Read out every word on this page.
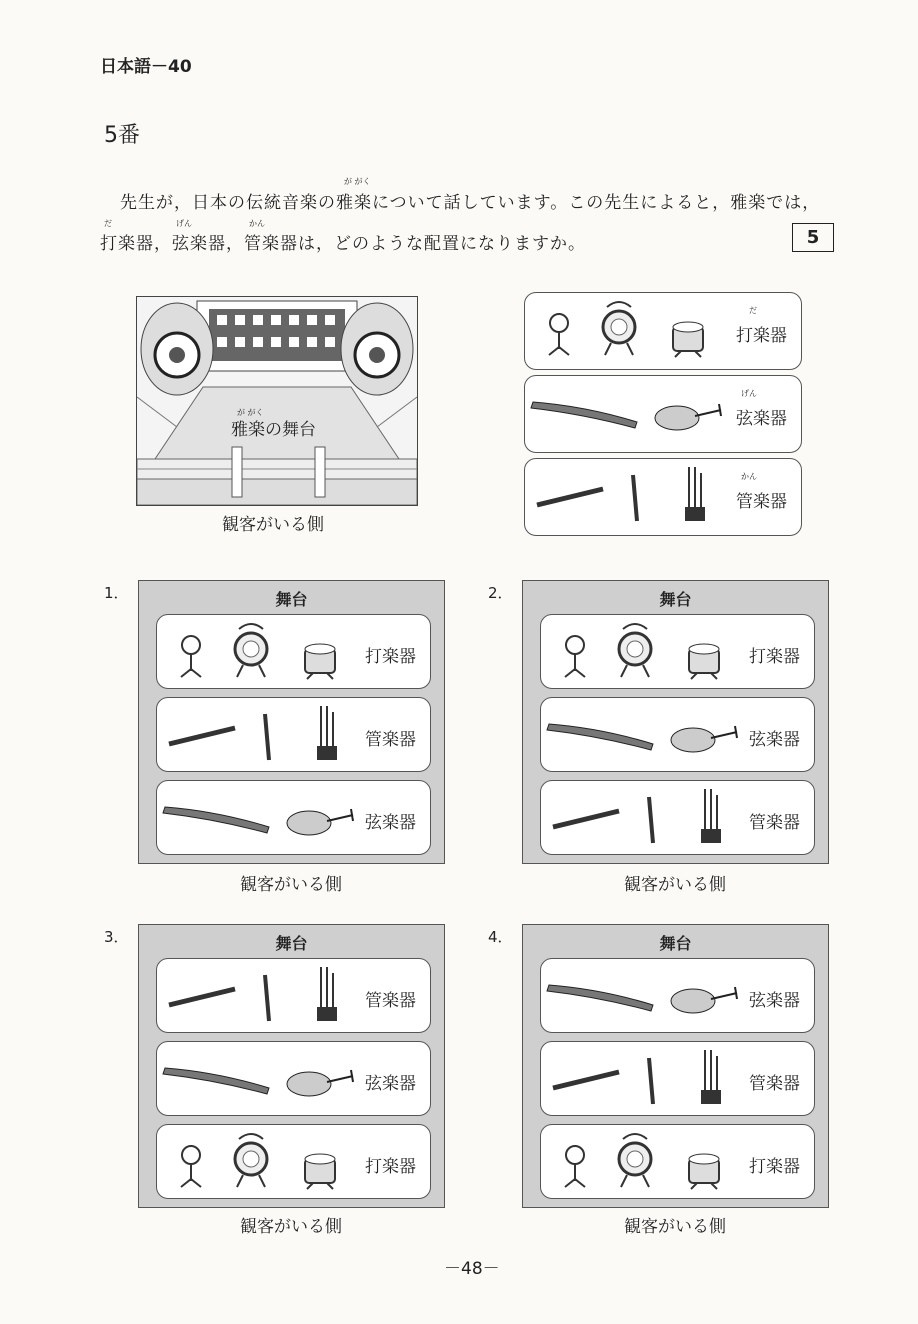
日本語－40
5番
が がく
先生が，日本の伝統音楽の雅楽について話しています。この先生によると，雅楽では，
だ	げん	かん
打楽器，弦楽器，管楽器は，どのような配置になりますか。	5
が がく
雅楽の舞台
観客がいる側
だ
打楽器
げん
弦楽器
かん
管楽器
1．	舞台
打楽器
管楽器
弦楽器
観客がいる側
2．	舞台
打楽器
弦楽器
管楽器
観客がいる側
3．	舞台
管楽器
弦楽器
打楽器
観客がいる側
4．	舞台
弦楽器
管楽器
打楽器
観客がいる側
－48－
